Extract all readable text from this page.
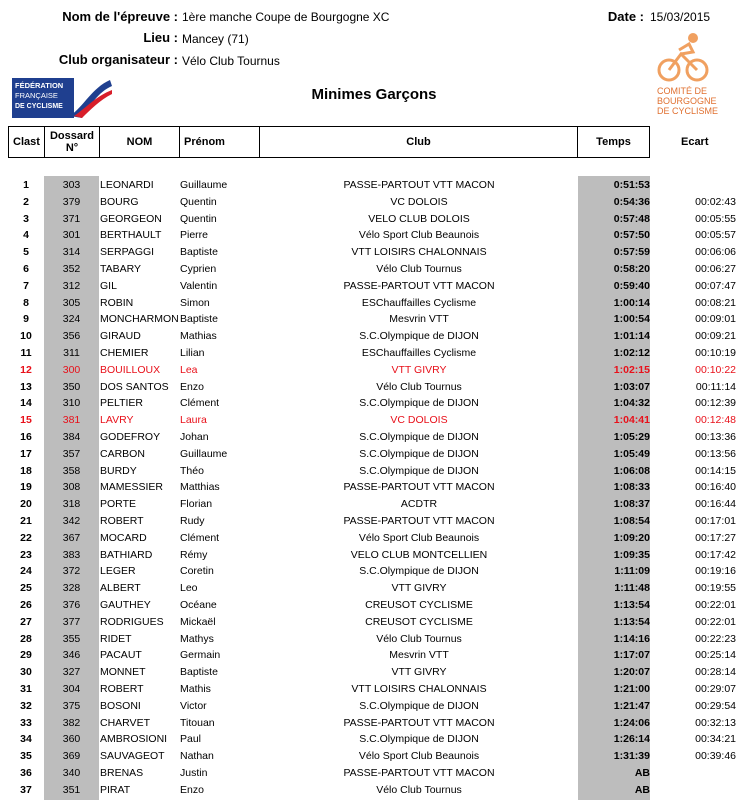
Nom de l'épreuve : 1ère manche Coupe de Bourgogne XC
Lieu : Mancey (71)
Club organisateur : Vélo Club Tournus
Date : 15/03/2015
FÉDÉRATION
FRANÇAISE
DE CYCLISME
COMITÉ DE
BOURGOGNE
DE CYCLISME
Minimes Garçons
Clast	Dossard
N°	NOM	Prénom	Club	Temps	Ecart
1	303	LEONARDI	Guillaume	PASSE-PARTOUT VTT MACON	0:51:53
2	379	BOURG	Quentin	VC DOLOIS	0:54:36	00:02:43
3	371	GEORGEON	Quentin	VELO CLUB DOLOIS	0:57:48	00:05:55
4	301	BERTHAULT	Pierre	Vélo Sport Club Beaunois	0:57:50	00:05:57
5	314	SERPAGGI	Baptiste	VTT LOISIRS CHALONNAIS	0:57:59	00:06:06
6	352	TABARY	Cyprien	Vélo Club Tournus	0:58:20	00:06:27
7	312	GIL	Valentin	PASSE-PARTOUT VTT MACON	0:59:40	00:07:47
8	305	ROBIN	Simon	ESChauffailles Cyclisme	1:00:14	00:08:21
9	324	MONCHARMON Baptiste	Mesvrin VTT	1:00:54	00:09:01
10	356	GIRAUD	Mathias	S.C.Olympique de DIJON	1:01:14	00:09:21
11	311	CHEMIER	Lilian	ESChauffailles Cyclisme	1:02:12	00:10:19
12	300	BOUILLOUX	Lea	VTT GIVRY	1:02:15	00:10:22
13	350	DOS SANTOS	Enzo	Vélo Club Tournus	1:03:07	00:11:14
14	310	PELTIER	Clément	S.C.Olympique de DIJON	1:04:32	00:12:39
15	381	LAVRY	Laura	VC DOLOIS	1:04:41	00:12:48
16	384	GODEFROY	Johan	S.C.Olympique de DIJON	1:05:29	00:13:36
17	357	CARBON	Guillaume	S.C.Olympique de DIJON	1:05:49	00:13:56
18	358	BURDY	Théo	S.C.Olympique de DIJON	1:06:08	00:14:15
19	308	MAMESSIER	Matthias	PASSE-PARTOUT VTT MACON	1:08:33	00:16:40
20	318	PORTE	Florian	ACDTR	1:08:37	00:16:44
21	342	ROBERT	Rudy	PASSE-PARTOUT VTT MACON	1:08:54	00:17:01
22	367	MOCARD	Clément	Vélo Sport Club Beaunois	1:09:20	00:17:27
23	383	BATHIARD	Rémy	VELO CLUB MONTCELLIEN	1:09:35	00:17:42
24	372	LEGER	Coretin	S.C.Olympique de DIJON	1:11:09	00:19:16
25	328	ALBERT	Leo	VTT GIVRY	1:11:48	00:19:55
26	376	GAUTHEY	Océane	CREUSOT CYCLISME	1:13:54	00:22:01
27	377	RODRIGUES	Mickaël	CREUSOT CYCLISME	1:13:54	00:22:01
28	355	RIDET	Mathys	Vélo Club Tournus	1:14:16	00:22:23
29	346	PACAUT	Germain	Mesvrin VTT	1:17:07	00:25:14
30	327	MONNET	Baptiste	VTT GIVRY	1:20:07	00:28:14
31	304	ROBERT	Mathis	VTT LOISIRS CHALONNAIS	1:21:00	00:29:07
32	375	BOSONI	Victor	S.C.Olympique de DIJON	1:21:47	00:29:54
33	382	CHARVET	Titouan	PASSE-PARTOUT VTT MACON	1:24:06	00:32:13
34	360	AMBROSIONI	Paul	S.C.Olympique de DIJON	1:26:14	00:34:21
35	369	SAUVAGEOT	Nathan	Vélo Sport Club Beaunois	1:31:39	00:39:46
36	340	BRENAS	Justin	PASSE-PARTOUT VTT MACON	AB
37	351	PIRAT	Enzo	Vélo Club Tournus	AB
